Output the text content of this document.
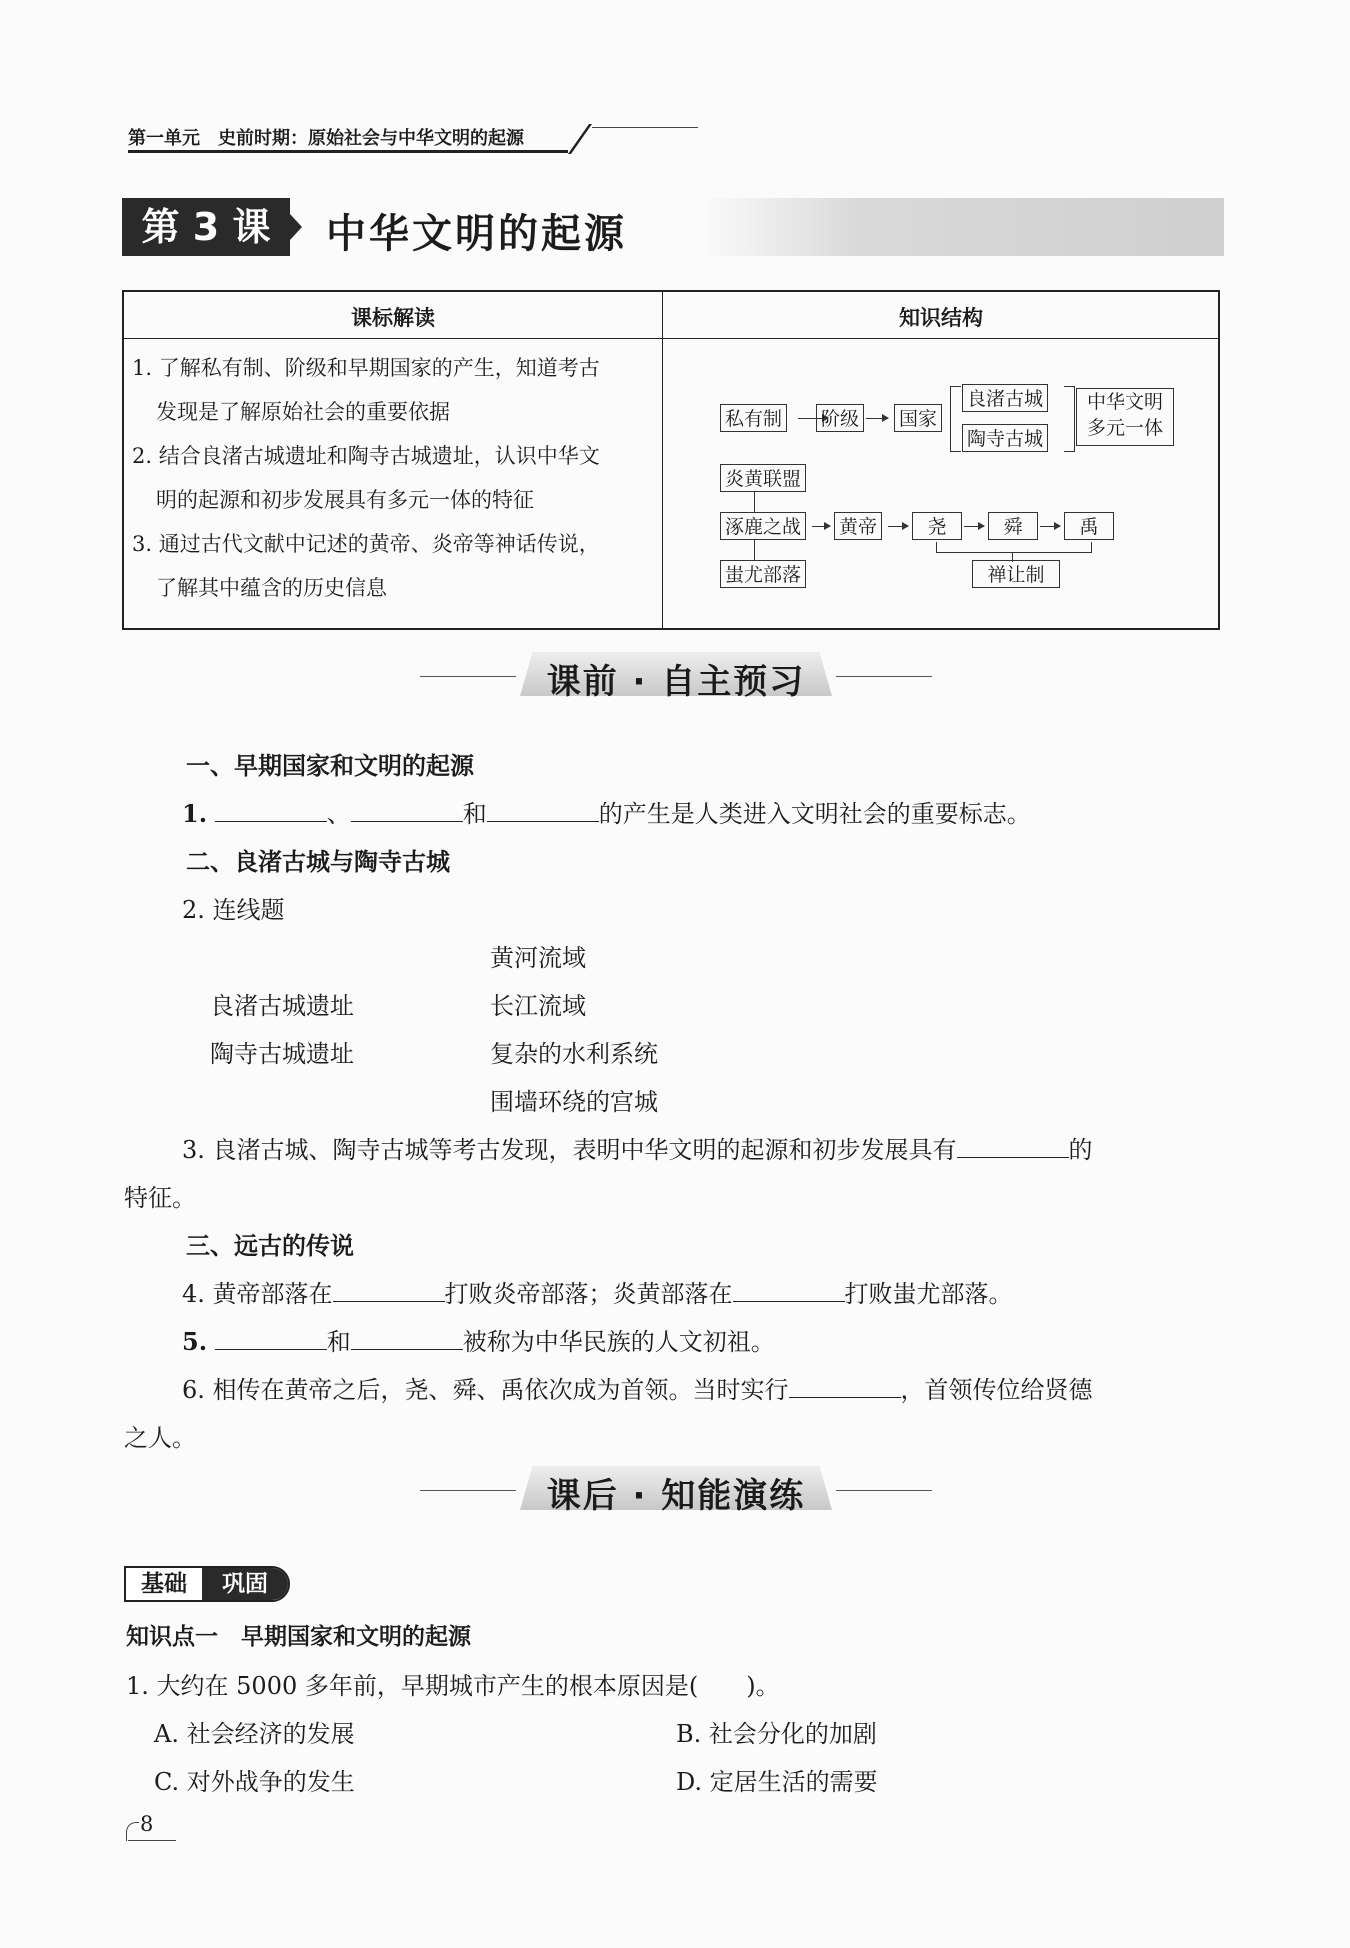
第一单元　史前时期：原始社会与中华文明的起源
第 3 课	中华文明的起源
课标解读	知识结构
1. 了解私有制、阶级和早期国家的产生，知道考古
发现是了解原始社会的重要依据
2. 结合良渚古城遗址和陶寺古城遗址，认识中华文
明的起源和初步发展具有多元一体的特征
3. 通过古代文献中记述的黄帝、炎帝等神话传说，
了解其中蕴含的历史信息
私有制 阶级 国家
良渚古城
陶寺古城
中华文明
多元一体
炎黄联盟
涿鹿之战
蚩尤部落
黄帝	尧	舜	禹
禅让制
课前 · 自主预习
一、早期国家和文明的起源
1.	、	和	的产生是人类进入文明社会的重要标志。
二、良渚古城与陶寺古城
2. 连线题
黄河流域
良渚古城遗址	长江流域
陶寺古城遗址	复杂的水利系统
围墙环绕的宫城
3. 良渚古城、陶寺古城等考古发现，表明中华文明的起源和初步发展具有	的
特征。
三、远古的传说
4. 黄帝部落在	打败炎帝部落；炎黄部落在	打败蚩尤部落。
5.	和	被称为中华民族的人文初祖。
6. 相传在黄帝之后，尧、舜、禹依次成为首领。当时实行	，首领传位给贤德
之人。
课后 · 知能演练
基础	巩固
知识点一　早期国家和文明的起源
1. 大约在 5000 多年前，早期城市产生的根本原因是(　　)。
A. 社会经济的发展	B. 社会分化的加剧
C. 对外战争的发生	D. 定居生活的需要
8
